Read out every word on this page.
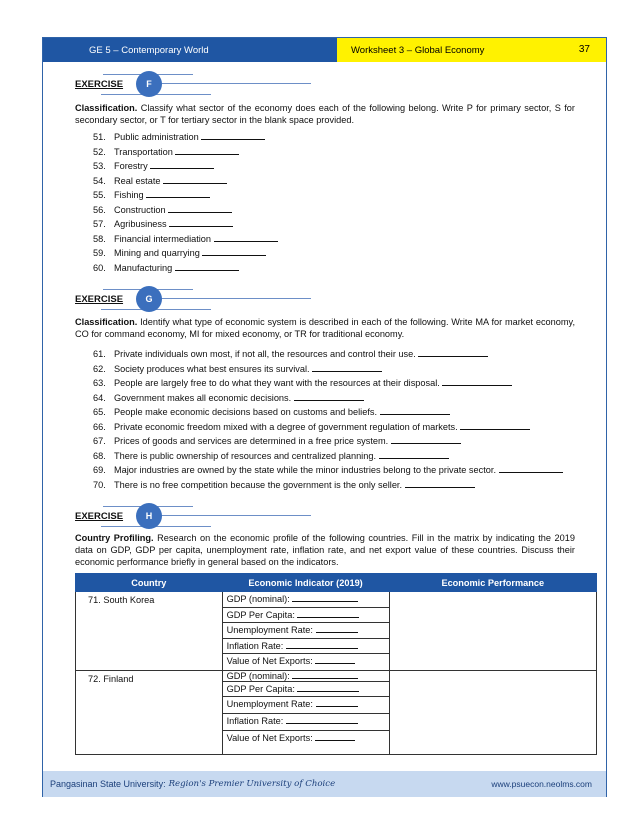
GE 5 – Contemporary World	Worksheet 3 – Global Economy	37
EXERCISE	F
Classification. Classify what sector of the economy does each of the following belong. Write P for primary sector, S for secondary sector, or T for tertiary sector in the blank space provided.
51. Public administration
52. Transportation
53. Forestry
54. Real estate
55. Fishing
56. Construction
57. Agribusiness
58. Financial intermediation
59. Mining and quarrying
60. Manufacturing
EXERCISE	G
Classification. Identify what type of economic system is described in each of the following. Write MA for market economy, CO for command economy, MI for mixed economy, or TR for traditional economy.
61. Private individuals own most, if not all, the resources and control their use.
62. Society produces what best ensures its survival.
63. People are largely free to do what they want with the resources at their disposal.
64. Government makes all economic decisions.
65. People make economic decisions based on customs and beliefs.
66. Private economic freedom mixed with a degree of government regulation of markets.
67. Prices of goods and services are determined in a free price system.
68. There is public ownership of resources and centralized planning.
69. Major industries are owned by the state while the minor industries belong to the private sector.
70. There is no free competition because the government is the only seller.
EXERCISE	H
Country Profiling. Research on the economic profile of the following countries. Fill in the matrix by indicating the 2019 data on GDP, GDP per capita, unemployment rate, inflation rate, and net export value of these countries. Discuss their economic performance briefly in general based on the indicators.
Country	Economic Indicator (2019)	Economic Performance
71. South Korea	GDP (nominal):
GDP Per Capita:
Unemployment Rate:
Inflation Rate:
Value of Net Exports:	

72. Finland	GDP (nominal):
GDP Per Capita:
Unemployment Rate:
Inflation Rate:
Value of Net Exports:	

Pangasinan State University: Region's Premier University of Choice	www.psuecon.neolms.com
